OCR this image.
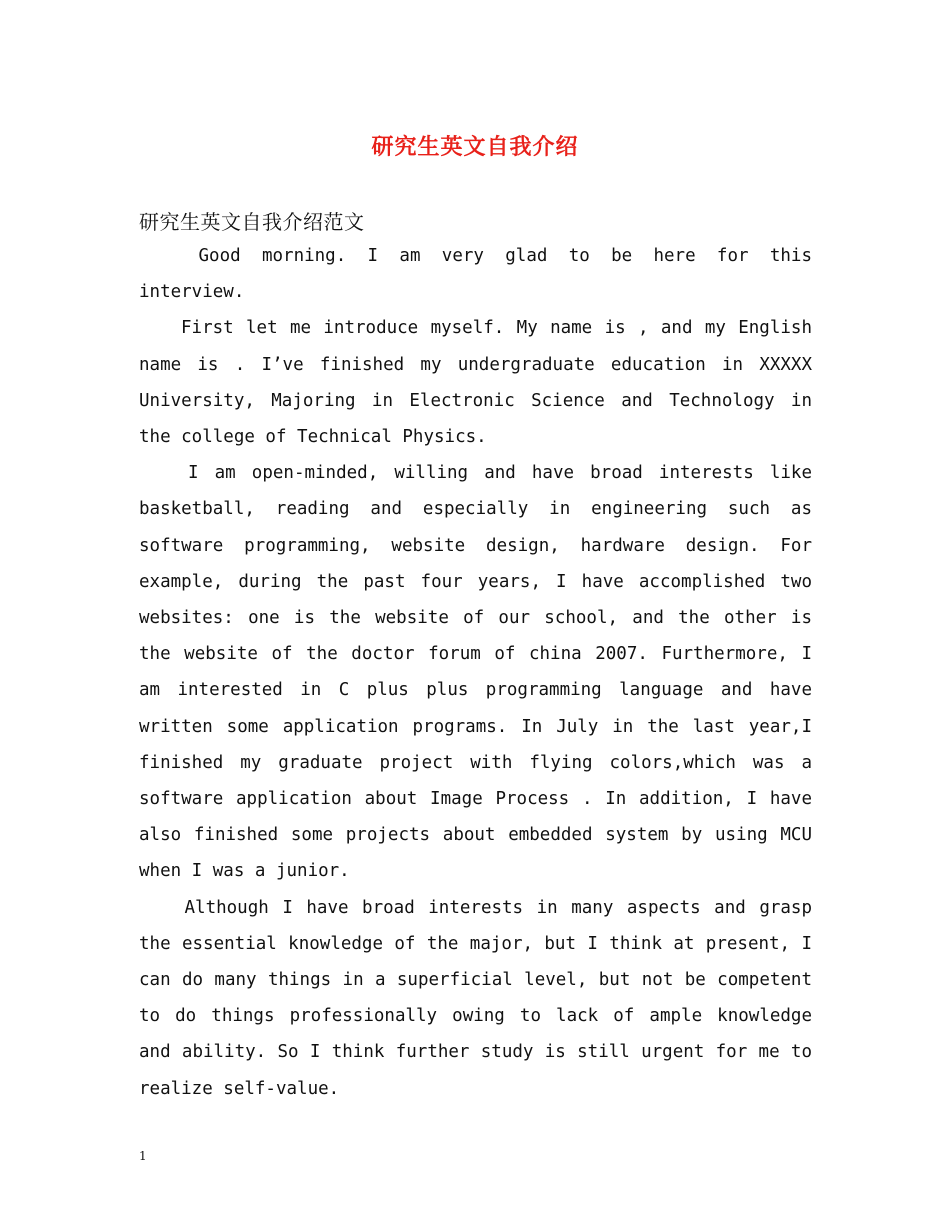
研究生英文自我介绍
研究生英文自我介绍范文

Good morning. I am very glad to be here for this interview.

First let me introduce myself. My name is , and my English name is . I’ve finished my undergraduate education in XXXXX University, Majoring in Electronic Science and Technology in the college of Technical Physics.

I am open-minded, willing and have broad interests like basketball, reading and especially in engineering such as software programming, website design, hardware design. For example, during the past four years, I have accomplished two websites: one is the website of our school, and the other is the website of the doctor forum of china 2007. Furthermore, I am interested in C plus plus programming language and have written some application programs. In July in the last year,I finished my graduate project with flying colors,which was a software application about Image Process . In addition, I have also finished some projects about embedded system by using MCU when I was a junior.

Although I have broad interests in many aspects and grasp the essential knowledge of the major, but I think at present, I can do many things in a superficial level, but not be competent to do things professionally owing to lack of ample knowledge and ability. So I think further study is still urgent for me to realize self-value.

1
